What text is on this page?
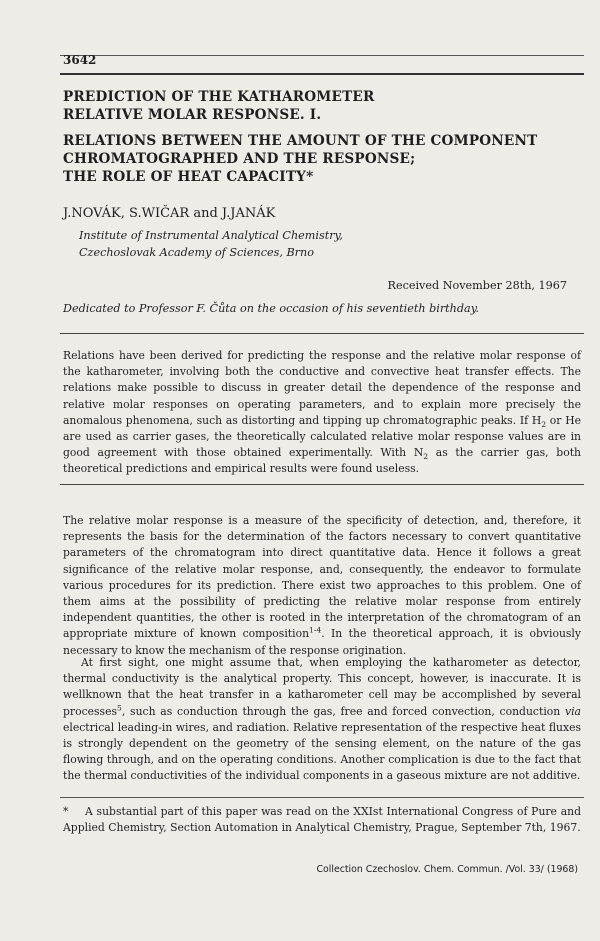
3642
PREDICTION OF THE KATHAROMETER
RELATIVE MOLAR RESPONSE. I.
RELATIONS BETWEEN THE AMOUNT OF THE COMPONENT
CHROMATOGRAPHED AND THE RESPONSE;
THE ROLE OF HEAT CAPACITY*
J.NOVÁK, S.WIČAR and J.JANÁK
Institute of Instrumental Analytical Chemistry,
Czechoslovak Academy of Sciences, Brno
Received November 28th, 1967
Dedicated to Professor F. Čůta on the occasion of his seventieth birthday.

Relations have been derived for predicting the response and the relative molar response of the katharometer, involving both the conductive and convective heat transfer effects. The relations make possible to discuss in greater detail the dependence of the response and relative molar responses on operating parameters, and to explain more precisely the anomalous phenomena, such as distorting and tipping up chromatographic peaks. If $H_2$ or He are used as carrier gases, the theoretically calculated relative molar response values are in good agreement with those obtained experimentally. With $N_2$ as the carrier gas, both theoretical predictions and empirical results were found useless.

The relative molar response is a measure of the specificity of detection, and, therefore, it represents the basis for the determination of the factors necessary to convert quantitative parameters of the chromatogram into direct quantitative data. Hence it follows a great significance of the relative molar response, and, consequently, the endeavor to formulate various procedures for its prediction. There exist two approaches to this problem. One of them aims at the possibility of predicting the relative molar response from entirely independent quantities, the other is rooted in the interpretation of the chromatogram of an appropriate mixture of known composition$^{1-4}$. In the theoretical approach, it is obviously necessary to know the mechanism of the response origination.

At first sight, one might assume that, when employing the katharometer as detector, thermal conductivity is the analytical property. This concept, however, is inaccurate. It is wellknown that the heat transfer in a katharometer cell may be accomplished by several processes$^5$, such as conduction through the gas, free and forced convection, conduction via electrical leading-in wires, and radiation. Relative representation of the respective heat fluxes is strongly dependent on the geometry of the sensing element, on the nature of the gas flowing through, and on the operating conditions. Another complication is due to the fact that the thermal conductivities of the individual components in a gaseous mixture are not additive.

* A substantial part of this paper was read on the XXIst International Congress of Pure and Applied Chemistry, Section Automation in Analytical Chemistry, Prague, September 7th, 1967.

Collection Czechoslov. Chem. Commun. /Vol. 33/ (1968)
